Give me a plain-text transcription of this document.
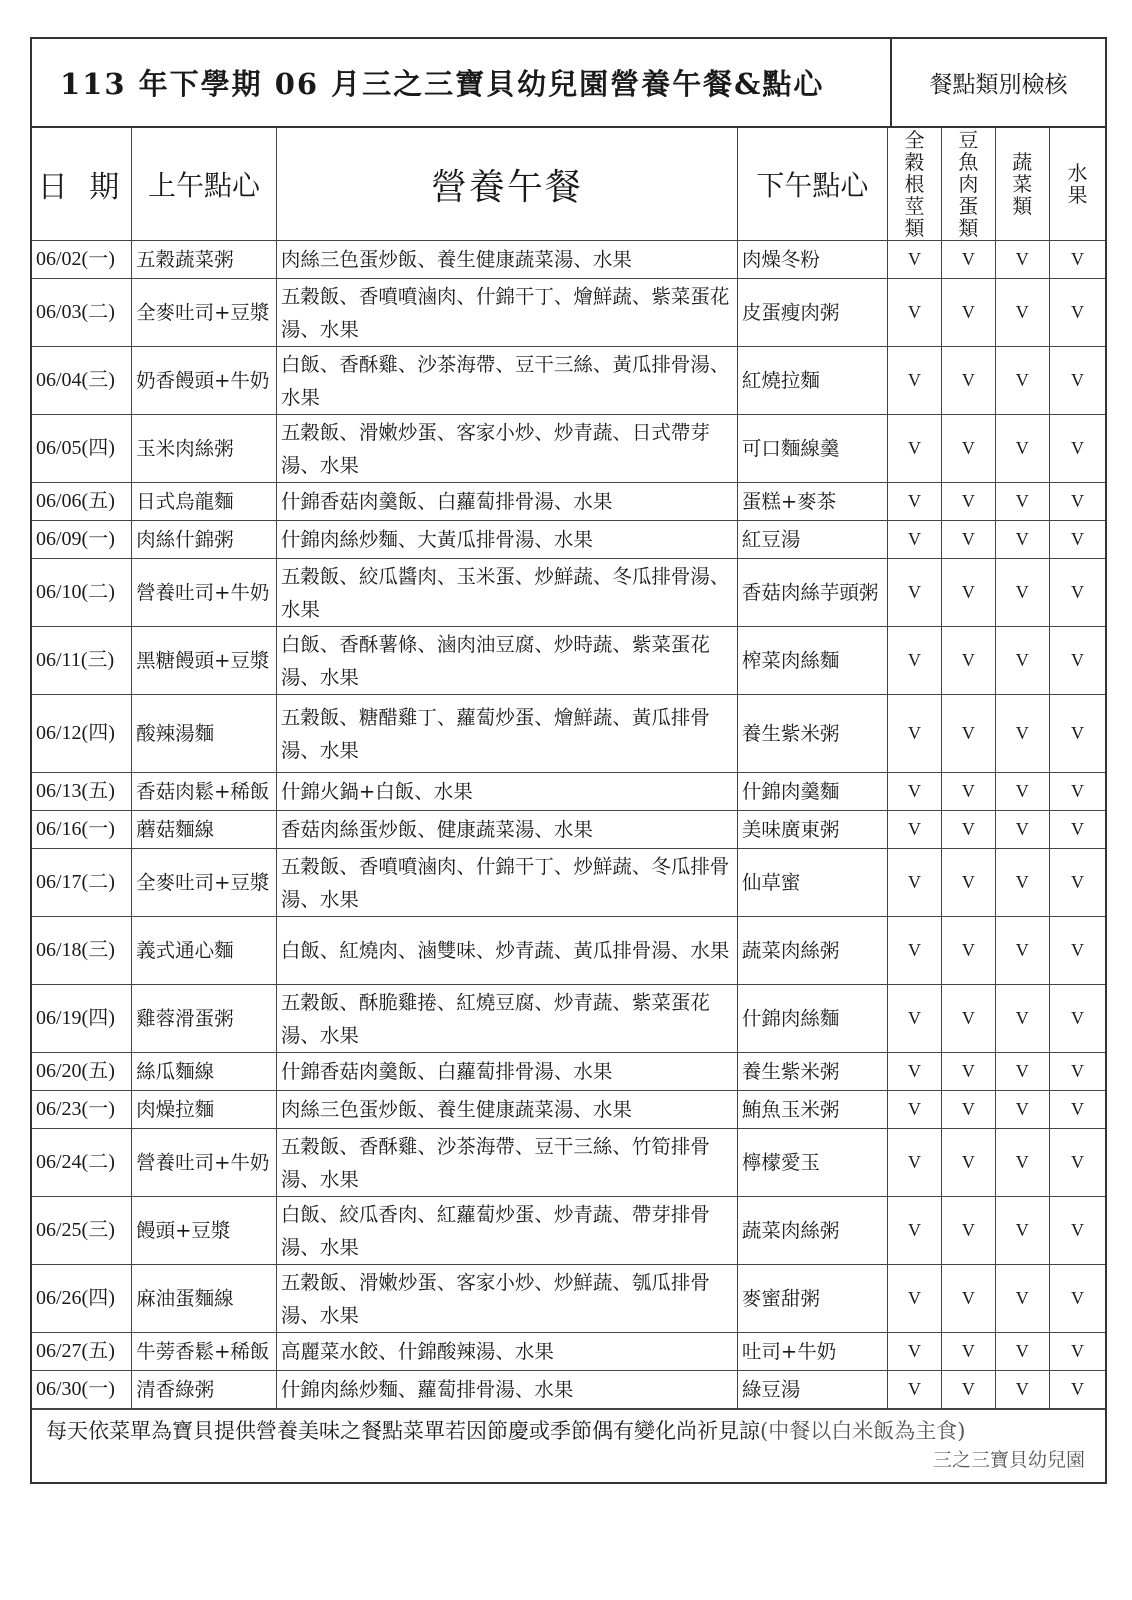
113 年下學期 06 月三之三寶貝幼兒園營養午餐&點心	餐點類別檢核
日 期	上午點心	營養午餐	下午點心	全穀根莖類	豆魚肉蛋類	蔬菜類	水果
06/02(一)	五穀蔬菜粥	肉絲三色蛋炒飯、養生健康蔬菜湯、水果	肉燥冬粉	V	V	V	V
06/03(二)	全麥吐司+豆漿	五穀飯、香噴噴滷肉、什錦干丁、燴鮮蔬、紫菜蛋花湯、水果	皮蛋瘦肉粥	V	V	V	V
06/04(三)	奶香饅頭+牛奶	白飯、香酥雞、沙茶海帶、豆干三絲、黃瓜排骨湯、水果	紅燒拉麵	V	V	V	V
06/05(四)	玉米肉絲粥	五穀飯、滑嫩炒蛋、客家小炒、炒青蔬、日式帶芽湯、水果	可口麵線羹	V	V	V	V
06/06(五)	日式烏龍麵	什錦香菇肉羹飯、白蘿蔔排骨湯、水果	蛋糕+麥茶	V	V	V	V
06/09(一)	肉絲什錦粥	什錦肉絲炒麵、大黃瓜排骨湯、水果	紅豆湯	V	V	V	V
06/10(二)	營養吐司+牛奶	五穀飯、絞瓜醬肉、玉米蛋、炒鮮蔬、冬瓜排骨湯、水果	香菇肉絲芋頭粥	V	V	V	V
06/11(三)	黑糖饅頭+豆漿	白飯、香酥薯條、滷肉油豆腐、炒時蔬、紫菜蛋花湯、水果	榨菜肉絲麵	V	V	V	V
06/12(四)	酸辣湯麵	五穀飯、糖醋雞丁、蘿蔔炒蛋、燴鮮蔬、黃瓜排骨湯、水果	養生紫米粥	V	V	V	V
06/13(五)	香菇肉鬆+稀飯	什錦火鍋+白飯、水果	什錦肉羹麵	V	V	V	V
06/16(一)	蘑菇麵線	香菇肉絲蛋炒飯、健康蔬菜湯、水果	美味廣東粥	V	V	V	V
06/17(二)	全麥吐司+豆漿	五穀飯、香噴噴滷肉、什錦干丁、炒鮮蔬、冬瓜排骨湯、水果	仙草蜜	V	V	V	V
06/18(三)	義式通心麵	白飯、紅燒肉、滷雙味、炒青蔬、黃瓜排骨湯、水果	蔬菜肉絲粥	V	V	V	V
06/19(四)	雞蓉滑蛋粥	五穀飯、酥脆雞捲、紅燒豆腐、炒青蔬、紫菜蛋花湯、水果	什錦肉絲麵	V	V	V	V
06/20(五)	絲瓜麵線	什錦香菇肉羹飯、白蘿蔔排骨湯、水果	養生紫米粥	V	V	V	V
06/23(一)	肉燥拉麵	肉絲三色蛋炒飯、養生健康蔬菜湯、水果	鮪魚玉米粥	V	V	V	V
06/24(二)	營養吐司+牛奶	五穀飯、香酥雞、沙茶海帶、豆干三絲、竹筍排骨湯、水果	檸檬愛玉	V	V	V	V
06/25(三)	饅頭+豆漿	白飯、絞瓜香肉、紅蘿蔔炒蛋、炒青蔬、帶芽排骨湯、水果	蔬菜肉絲粥	V	V	V	V
06/26(四)	麻油蛋麵線	五穀飯、滑嫩炒蛋、客家小炒、炒鮮蔬、瓠瓜排骨湯、水果	麥蜜甜粥	V	V	V	V
06/27(五)	牛蒡香鬆+稀飯	高麗菜水餃、什錦酸辣湯、水果	吐司+牛奶	V	V	V	V
06/30(一)	清香綠粥	什錦肉絲炒麵、蘿蔔排骨湯、水果	綠豆湯	V	V	V	V
每天依菜單為寶貝提供營養美味之餐點菜單若因節慶或季節偶有變化尚祈見諒(中餐以白米飯為主食)
三之三寶貝幼兒園
